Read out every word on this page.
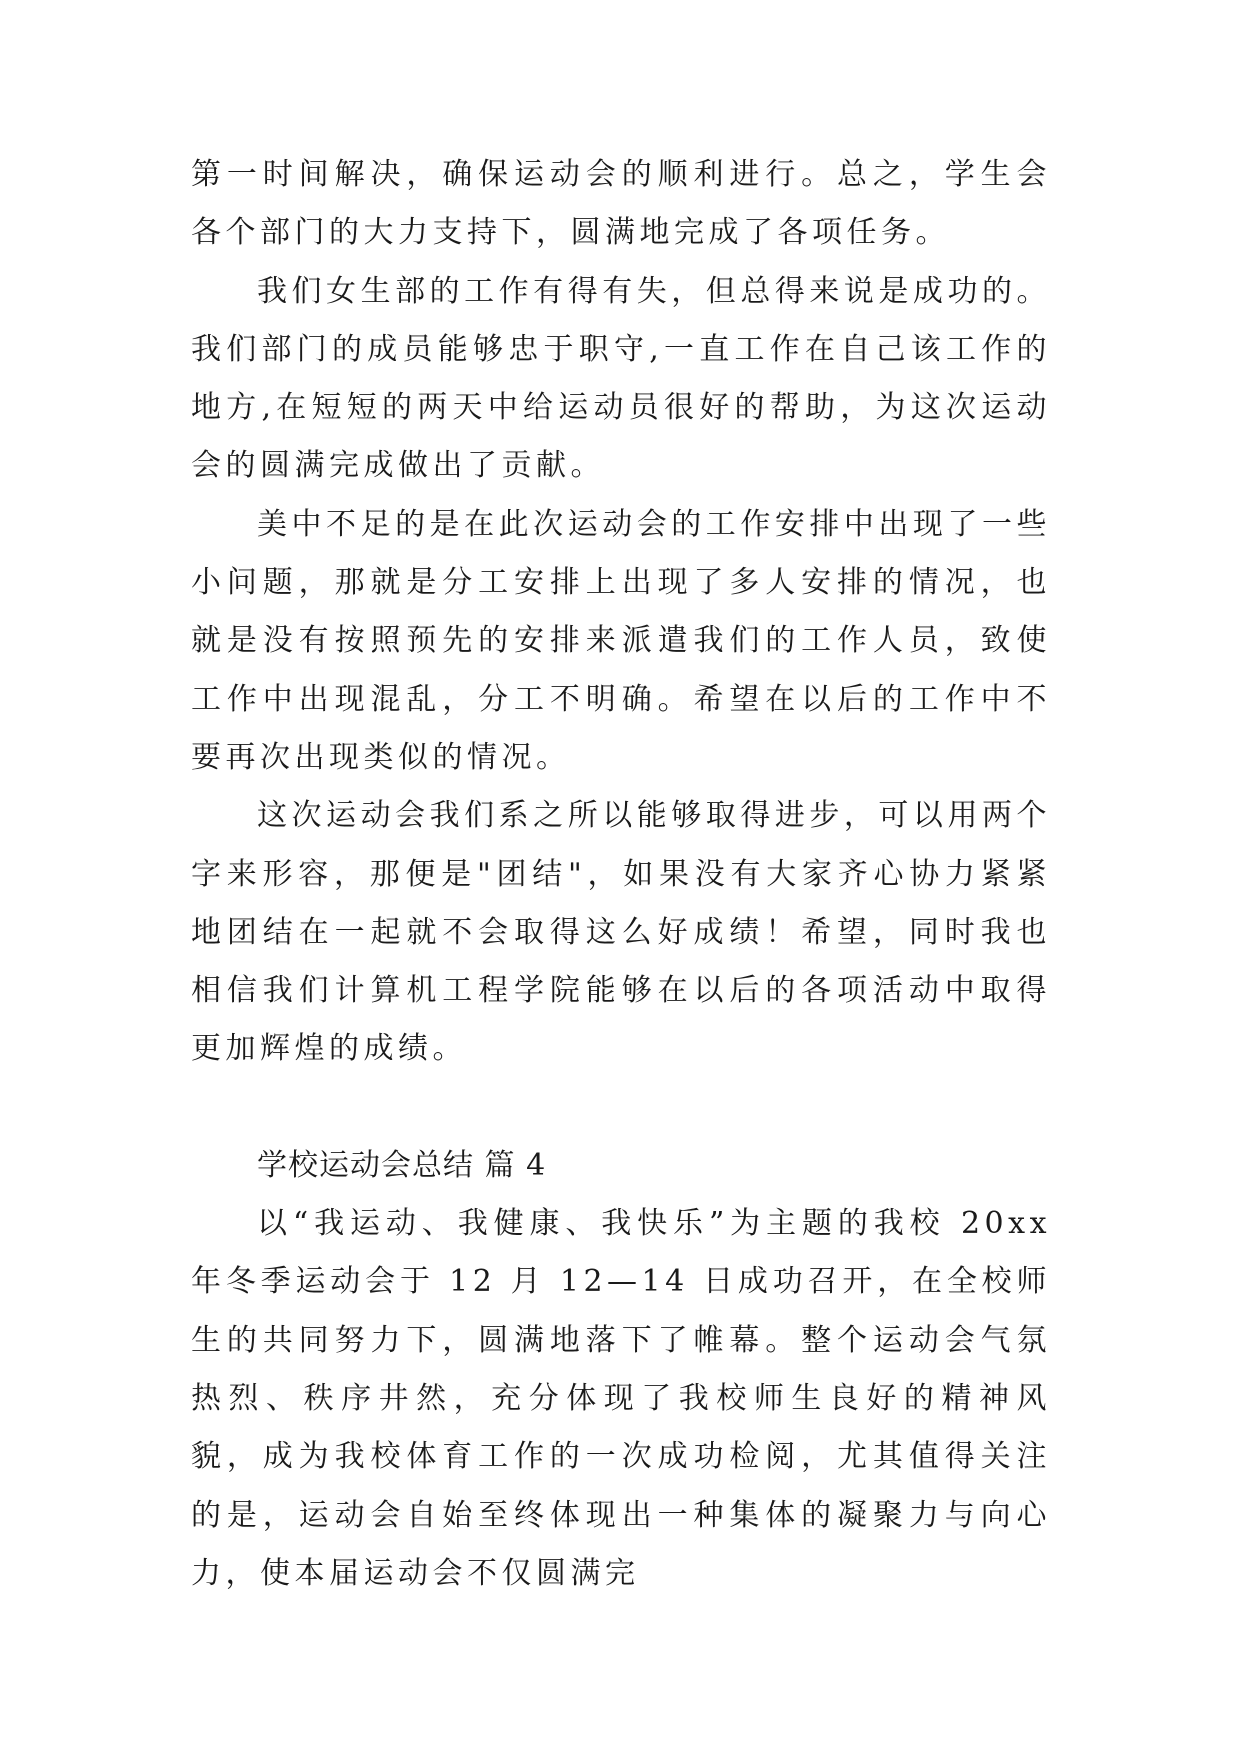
第一时间解决，确保运动会的顺利进行。总之，学生会各个部门的大力支持下，圆满地完成了各项任务。

我们女生部的工作有得有失，但总得来说是成功的。我们部门的成员能够忠于职守,一直工作在自己该工作的地方,在短短的两天中给运动员很好的帮助，为这次运动会的圆满完成做出了贡献。

美中不足的是在此次运动会的工作安排中出现了一些小问题，那就是分工安排上出现了多人安排的情况，也就是没有按照预先的安排来派遣我们的工作人员，致使工作中出现混乱，分工不明确。希望在以后的工作中不要再次出现类似的情况。

这次运动会我们系之所以能够取得进步，可以用两个字来形容，那便是"团结"，如果没有大家齐心协力紧紧地团结在一起就不会取得这么好成绩！希望，同时我也相信我们计算机工程学院能够在以后的各项活动中取得更加辉煌的成绩。

学校运动会总结 篇 4

以“我运动、我健康、我快乐”为主题的我校 20xx 年冬季运动会于 12 月 12—14 日成功召开，在全校师生的共同努力下，圆满地落下了帷幕。整个运动会气氛热烈、秩序井然，充分体现了我校师生良好的精神风貌，成为我校体育工作的一次成功检阅，尤其值得关注的是，运动会自始至终体现出一种集体的凝聚力与向心力，使本届运动会不仅圆满完
